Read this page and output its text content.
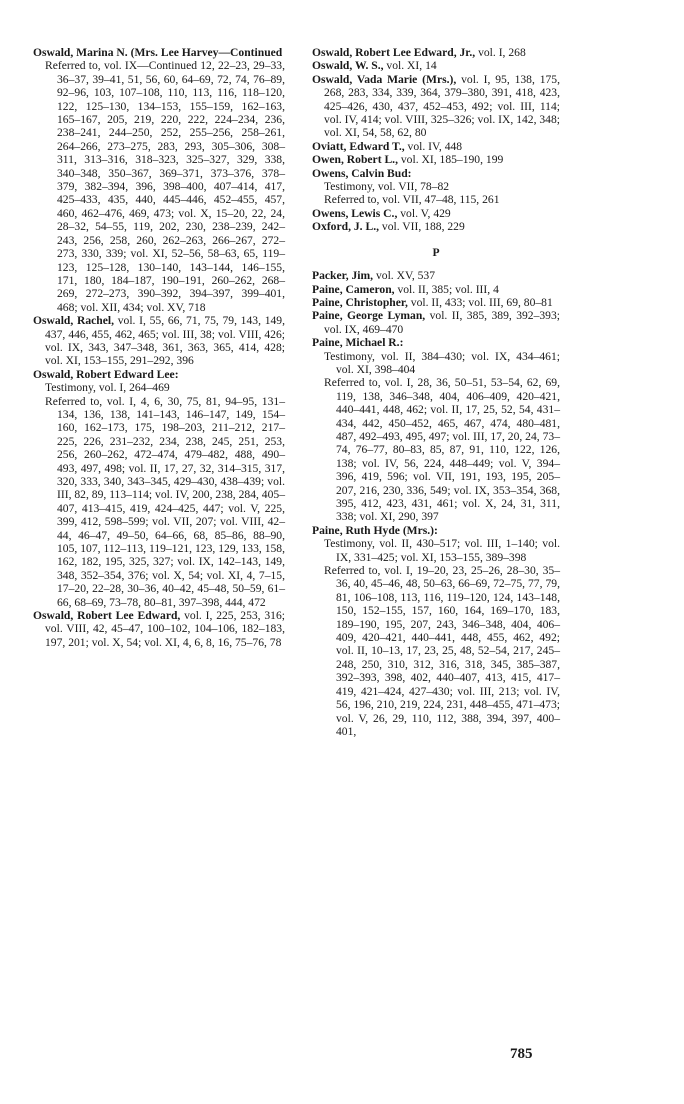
Oswald, Marina N. (Mrs. Lee Harvey—Continued
Referred to, vol. IX—Continued 12, 22–23, 29–33, 36–37, 39–41, 51, 56, 60, 64–69, 72, 74, 76–89, 92–96, 103, 107–108, 110, 113, 116, 118–120, 122, 125–130, 134–153, 155–159, 162–163, 165–167, 205, 219, 220, 222, 224–234, 236, 238–241, 244–250, 252, 255–256, 258–261, 264–266, 273–275, 283, 293, 305–306, 308–311, 313–316, 318–323, 325–327, 329, 338, 340–348, 350–367, 369–371, 373–376, 378–379, 382–394, 396, 398–400, 407–414, 417, 425–433, 435, 440, 445–446, 452–455, 457, 460, 462–476, 469, 473; vol. X, 15–20, 22, 24, 28–32, 54–55, 119, 202, 230, 238–239, 242–243, 256, 258, 260, 262–263, 266–267, 272–273, 330, 339; vol. XI, 52–56, 58–63, 65, 119–123, 125–128, 130–140, 143–144, 146–155, 171, 180, 184–187, 190–191, 260–262, 268–269, 272–273, 390–392, 394–397, 399–401, 468; vol. XII, 434; vol. XV, 718
Oswald, Rachel, vol. I, 55, 66, 71, 75, 79, 143, 149, 437, 446, 455, 462, 465; vol. III, 38; vol. VIII, 426; vol. IX, 343, 347–348, 361, 363, 365, 414, 428; vol. XI, 153–155, 291–292, 396
Oswald, Robert Edward Lee:
Testimony, vol. I, 264–469
Referred to, vol. I, 4, 6, 30, 75, 81, 94–95, 131–134, 136, 138, 141–143, 146–147, 149, 154–160, 162–173, 175, 198–203, 211–212, 217–225, 226, 231–232, 234, 238, 245, 251, 253, 256, 260–262, 472–474, 479–482, 488, 490–493, 497, 498; vol. II, 17, 27, 32, 314–315, 317, 320, 333, 340, 343–345, 429–430, 438–439; vol. III, 82, 89, 113–114; vol. IV, 200, 238, 284, 405–407, 413–415, 419, 424–425, 447; vol. V, 225, 399, 412, 598–599; vol. VII, 207; vol. VIII, 42–44, 46–47, 49–50, 64–66, 68, 85–86, 88–90, 105, 107, 112–113, 119–121, 123, 129, 133, 158, 162, 182, 195, 325, 327; vol. IX, 142–143, 149, 348, 352–354, 376; vol. X, 54; vol. XI, 4, 7–15, 17–20, 22–28, 30–36, 40–42, 45–48, 50–59, 61–66, 68–69, 73–78, 80–81, 397–398, 444, 472
Oswald, Robert Lee Edward, vol. I, 225, 253, 316; vol. VIII, 42, 45–47, 100–102, 104–106, 182–183, 197, 201; vol. X, 54; vol. XI, 4, 6, 8, 16, 75–76, 78
Oswald, Robert Lee Edward, Jr., vol. I, 268
Oswald, W. S., vol. XI, 14
Oswald, Vada Marie (Mrs.), vol. I, 95, 138, 175, 268, 283, 334, 339, 364, 379–380, 391, 418, 423, 425–426, 430, 437, 452–453, 492; vol. III, 114; vol. IV, 414; vol. VIII, 325–326; vol. IX, 142, 348; vol. XI, 54, 58, 62, 80
Oviatt, Edward T., vol. IV, 448
Owen, Robert L., vol. XI, 185–190, 199
Owens, Calvin Bud:
Testimony, vol. VII, 78–82
Referred to, vol. VII, 47–48, 115, 261
Owens, Lewis C., vol. V, 429
Oxford, J. L., vol. VII, 188, 229
P
Packer, Jim, vol. XV, 537
Paine, Cameron, vol. II, 385; vol. III, 4
Paine, Christopher, vol. II, 433; vol. III, 69, 80–81
Paine, George Lyman, vol. II, 385, 389, 392–393; vol. IX, 469–470
Paine, Michael R.:
Testimony, vol. II, 384–430; vol. IX, 434–461; vol. XI, 398–404
Referred to, vol. I, 28, 36, 50–51, 53–54, 62, 69, 119, 138, 346–348, 404, 406–409, 420–421, 440–441, 448, 462; vol. II, 17, 25, 52, 54, 431–434, 442, 450–452, 465, 467, 474, 480–481, 487, 492–493, 495, 497; vol. III, 17, 20, 24, 73–74, 76–77, 80–83, 85, 87, 91, 110, 122, 126, 138; vol. IV, 56, 224, 448–449; vol. V, 394–396, 419, 596; vol. VII, 191, 193, 195, 205–207, 216, 230, 336, 549; vol. IX, 353–354, 368, 395, 412, 423, 431, 461; vol. X, 24, 31, 311, 338; vol. XI, 290, 397
Paine, Ruth Hyde (Mrs.):
Testimony, vol. II, 430–517; vol. III, 1–140; vol. IX, 331–425; vol. XI, 153–155, 389–398
Referred to, vol. I, 19–20, 23, 25–26, 28–30, 35–36, 40, 45–46, 48, 50–63, 66–69, 72–75, 77, 79, 81, 106–108, 113, 116, 119–120, 124, 143–148, 150, 152–155, 157, 160, 164, 169–170, 183, 189–190, 195, 207, 243, 346–348, 404, 406–409, 420–421, 440–441, 448, 455, 462, 492; vol. II, 10–13, 17, 23, 25, 48, 52–54, 217, 245–248, 250, 310, 312, 316, 318, 345, 385–387, 392–393, 398, 402, 440–407, 413, 415, 417–419, 421–424, 427–430; vol. III, 213; vol. IV, 56, 196, 210, 219, 224, 231, 448–455, 471–473; vol. V, 26, 29, 110, 112, 388, 394, 397, 400–401,
785
